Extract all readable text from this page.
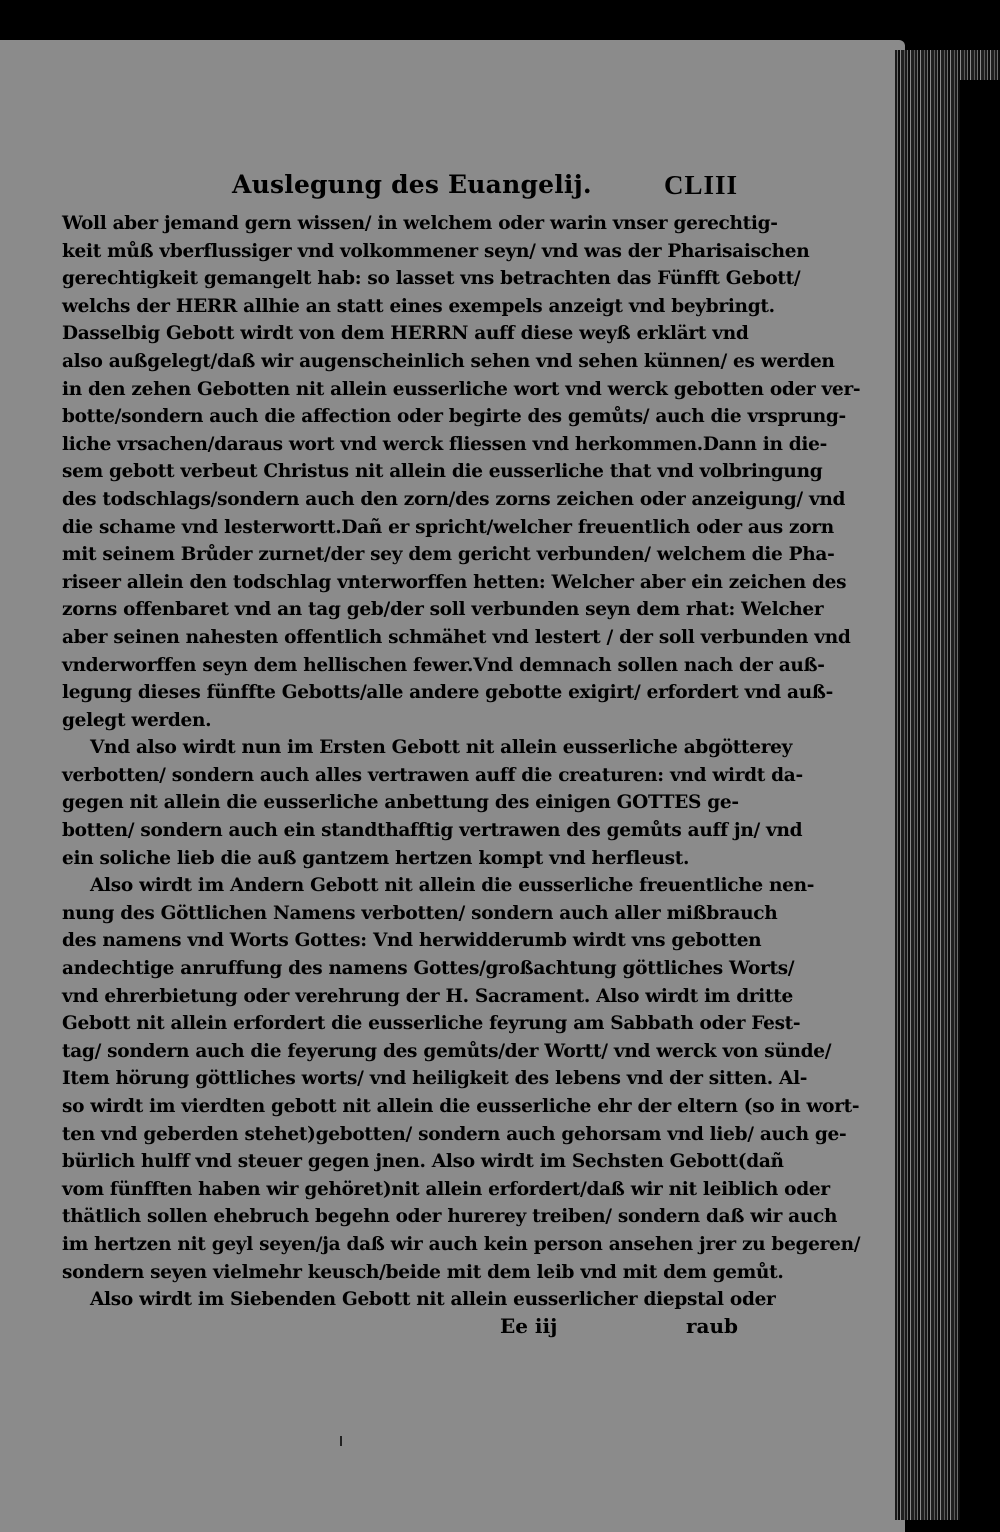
Auslegung des Euangelij.	CLIII
Woll aber jemand gern wissen/ in welchem oder warin vnser gerechtig-
keit můß vberflussiger vnd volkommener seyn/ vnd was der Pharisaischen
gerechtigkeit gemangelt hab: so lasset vns betrachten das Fünfft Gebott/
welchs der HERR allhie an statt eines exempels anzeigt vnd beybringt.
Dasselbig Gebott wirdt von dem HERRN auff diese weyß erklärt vnd
also außgelegt/daß wir augenscheinlich sehen vnd sehen künnen/ es werden
in den zehen Gebotten nit allein eusserliche wort vnd werck gebotten oder ver-
botte/sondern auch die affection oder begirte des gemůts/ auch die vrsprung-
liche vrsachen/daraus wort vnd werck fliessen vnd herkommen.Dann in die-
sem gebott verbeut Christus nit allein die eusserliche that vnd volbringung
des todschlags/sondern auch den zorn/des zorns zeichen oder anzeigung/ vnd
die schame vnd lesterwortt.Dañ er spricht/welcher freuentlich oder aus zorn
mit seinem Brůder zurnet/der sey dem gericht verbunden/ welchem die Pha-
riseer allein den todschlag vnterworffen hetten: Welcher aber ein zeichen des
zorns offenbaret vnd an tag geb/der soll verbunden seyn dem rhat: Welcher
aber seinen nahesten offentlich schmähet vnd lestert / der soll verbunden vnd
vnderworffen seyn dem hellischen fewer.Vnd demnach sollen nach der auß-
legung dieses fünffte Gebotts/alle andere gebotte exigirt/ erfordert vnd auß-
gelegt werden.
Vnd also wirdt nun im Ersten Gebott nit allein eusserliche abgötterey
verbotten/ sondern auch alles vertrawen auff die creaturen: vnd wirdt da-
gegen nit allein die eusserliche anbettung des einigen GOTTES ge-
botten/ sondern auch ein standthafftig vertrawen des gemůts auff jn/ vnd
ein soliche lieb die auß gantzem hertzen kompt vnd herfleust.
Also wirdt im Andern Gebott nit allein die eusserliche freuentliche nen-
nung des Göttlichen Namens verbotten/ sondern auch aller mißbrauch
des namens vnd Worts Gottes: Vnd herwidderumb wirdt vns gebotten
andechtige anruffung des namens Gottes/großachtung göttliches Worts/
vnd ehrerbietung oder verehrung der H. Sacrament. Also wirdt im dritte
Gebott nit allein erfordert die eusserliche feyrung am Sabbath oder Fest-
tag/ sondern auch die feyerung des gemůts/der Wortt/ vnd werck von sünde/
Item hörung göttliches worts/ vnd heiligkeit des lebens vnd der sitten. Al-
so wirdt im vierdten gebott nit allein die eusserliche ehr der eltern (so in wort-
ten vnd geberden stehet)gebotten/ sondern auch gehorsam vnd lieb/ auch ge-
bürlich hulff vnd steuer gegen jnen. Also wirdt im Sechsten Gebott(dañ
vom fünfften haben wir gehöret)nit allein erfordert/daß wir nit leiblich oder
thätlich sollen ehebruch begehn oder hurerey treiben/ sondern daß wir auch
im hertzen nit geyl seyen/ja daß wir auch kein person ansehen jrer zu begeren/
sondern seyen vielmehr keusch/beide mit dem leib vnd mit dem gemůt.
Also wirdt im Siebenden Gebott nit allein eusserlicher diepstal oder
Ee iij	raub
